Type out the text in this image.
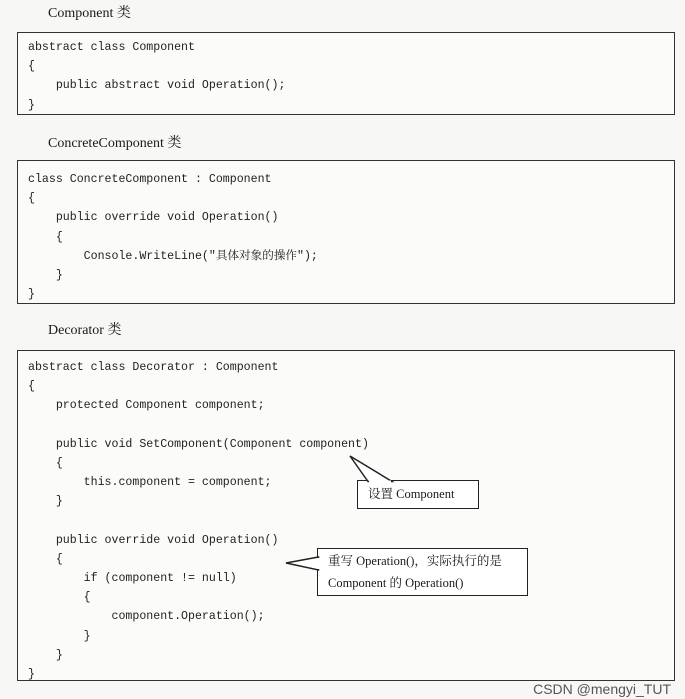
Component 类
abstract class Component
{
public abstract void Operation();
}
ConcreteComponent 类
class ConcreteComponent : Component
{
public override void Operation()
{
Console.WriteLine("具体对象的操作");
}
}
Decorator 类
abstract class Decorator : Component
{
protected Component component;
public void SetComponent(Component component)
{
this.component = component;
}
public override void Operation()
{
if (component != null)
{
component.Operation();
}
}
}
设置 Component
重写 Operation()，实际执行的是
Component 的 Operation()
CSDN @mengyi_TUT
